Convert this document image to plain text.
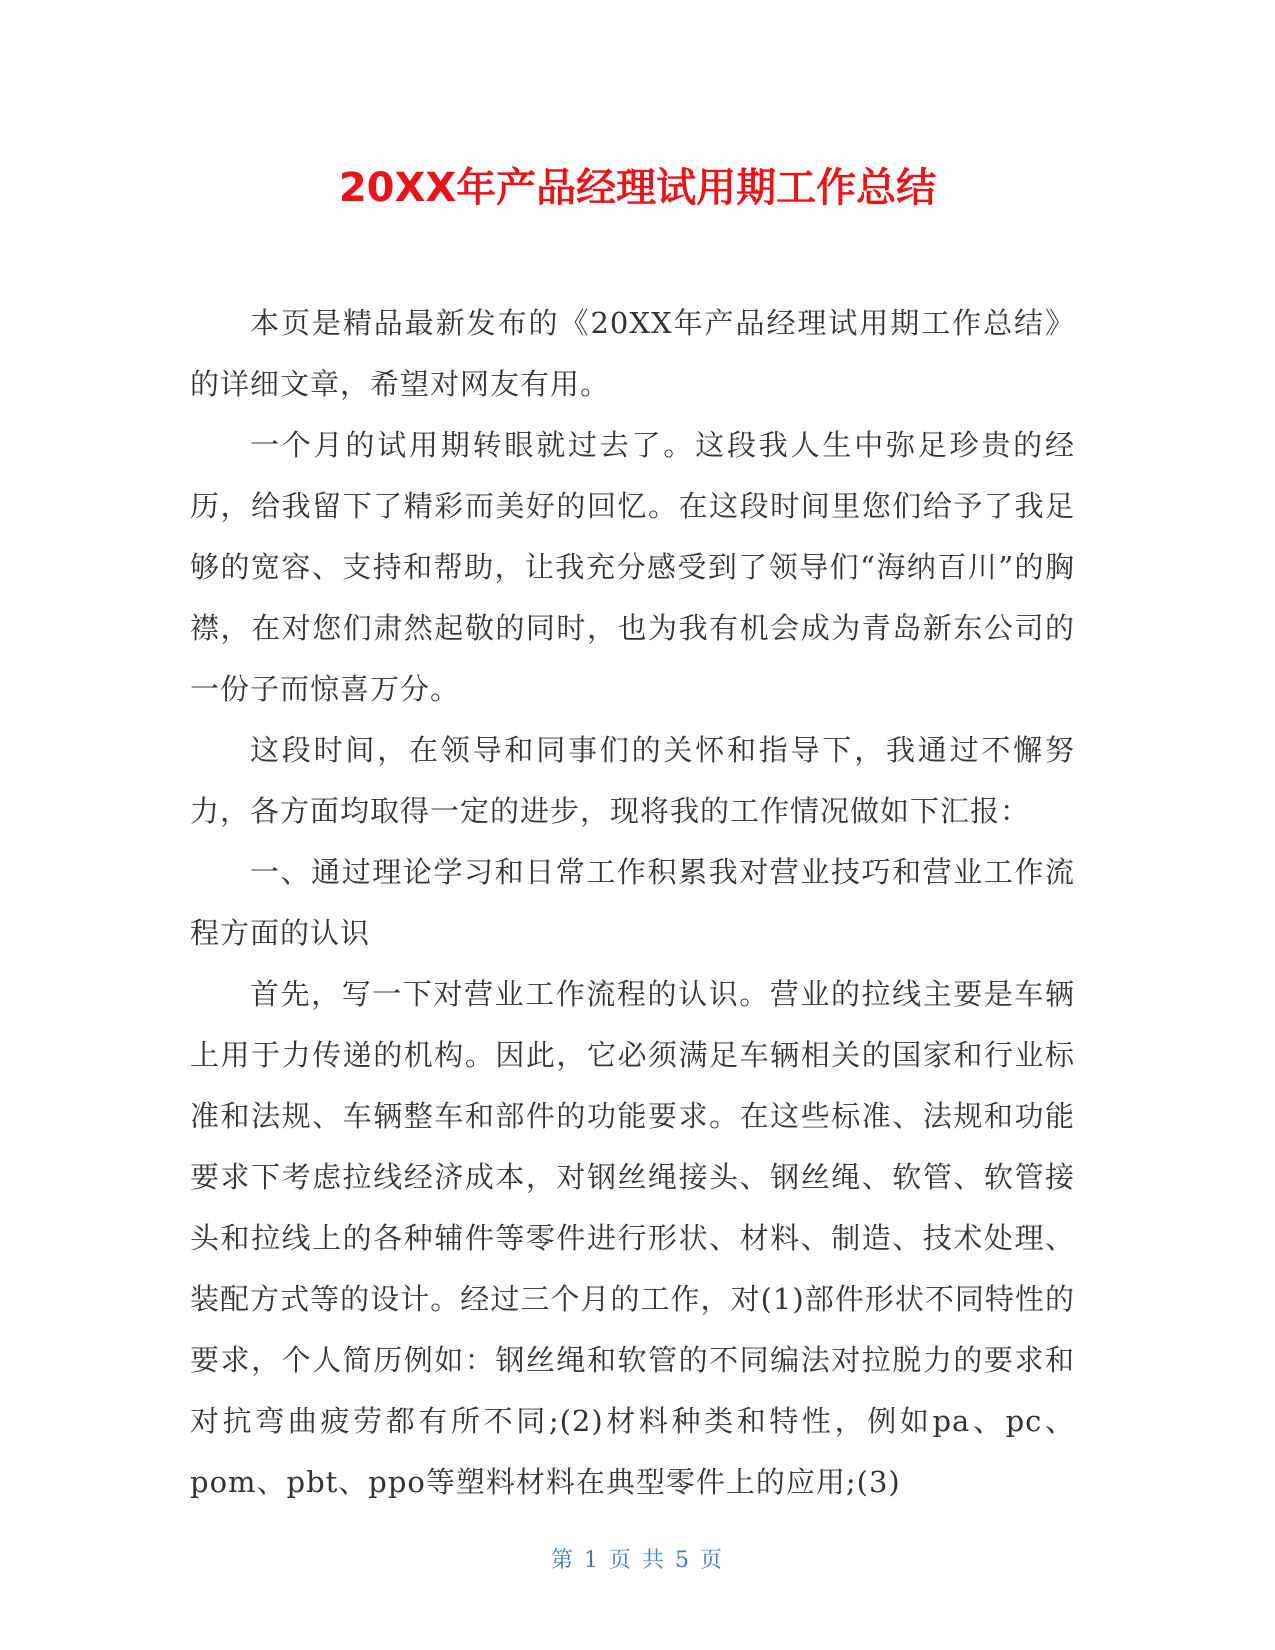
20XX年产品经理试用期工作总结

本页是精品最新发布的《20XX年产品经理试用期工作总结》的详细文章，希望对网友有用。

一个月的试用期转眼就过去了。这段我人生中弥足珍贵的经历，给我留下了精彩而美好的回忆。在这段时间里您们给予了我足够的宽容、支持和帮助，让我充分感受到了领导们“海纳百川”的胸襟，在对您们肃然起敬的同时，也为我有机会成为青岛新东公司的一份子而惊喜万分。

这段时间，在领导和同事们的关怀和指导下，我通过不懈努力，各方面均取得一定的进步，现将我的工作情况做如下汇报：

一、通过理论学习和日常工作积累我对营业技巧和营业工作流程方面的认识

首先，写一下对营业工作流程的认识。营业的拉线主要是车辆上用于力传递的机构。因此，它必须满足车辆相关的国家和行业标准和法规、车辆整车和部件的功能要求。在这些标准、法规和功能要求下考虑拉线经济成本，对钢丝绳接头、钢丝绳、软管、软管接头和拉线上的各种辅件等零件进行形状、材料、制造、技术处理、装配方式等的设计。经过三个月的工作，对(1)部件形状不同特性的要求，个人简历例如：钢丝绳和软管的不同编法对拉脱力的要求和对抗弯曲疲劳都有所不同;(2)材料种类和特性，例如pa、pc、pom、pbt、ppo等塑料材料在典型零件上的应用;(3)

第 1 页 共 5 页
